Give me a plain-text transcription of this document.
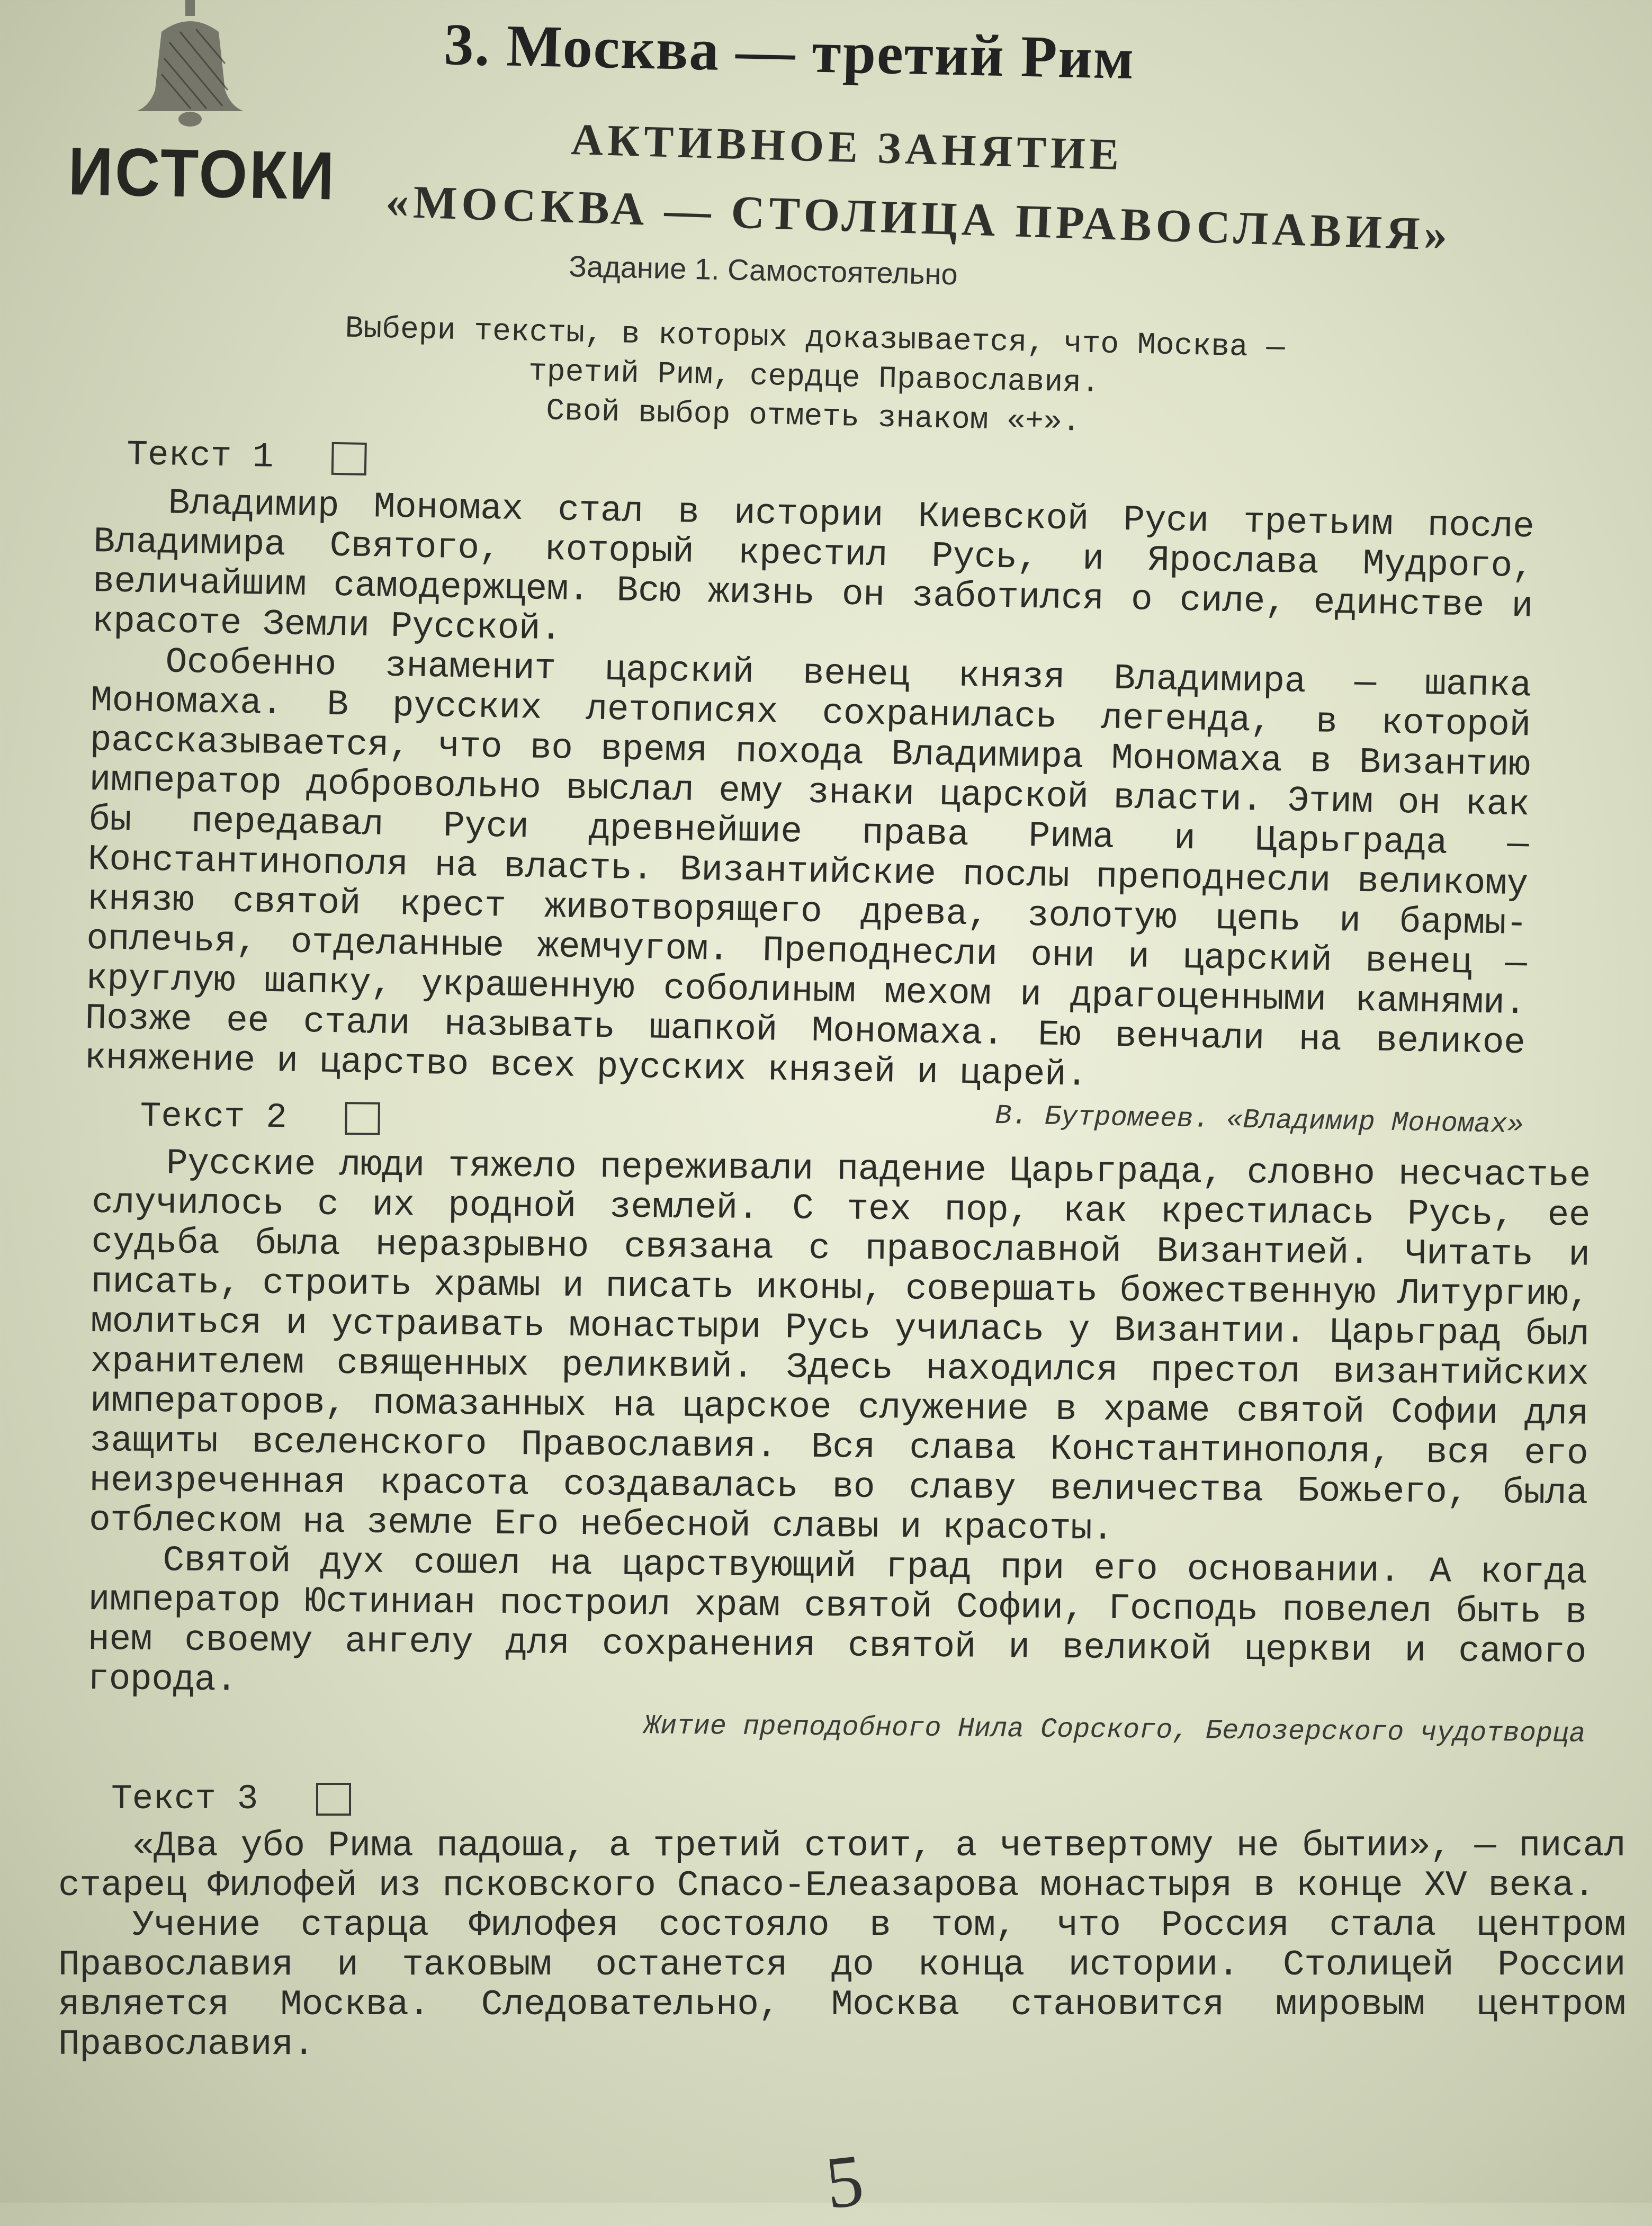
3. Москва — третий Рим
ИСТОКИ	АКТИВНОЕ ЗАНЯТИЕ
«МОСКВА — СТОЛИЦА ПРАВОСЛАВИЯ»
Задание 1. Самостоятельно
Выбери тексты, в которых доказывается, что Москва —
третий Рим, сердце Православия.
Свой выбор отметь знаком «+».
Текст 1

Владимир Мономах стал в истории Киевской Руси третьим после Владимира Святого, который крестил Русь, и Ярослава Мудрого, величайшим самодержцем. Всю жизнь он заботился о силе, единстве и красоте Земли Русской.

Особенно знаменит царский венец князя Владимира — шапка Мономаха. В русских летописях сохранилась легенда, в которой рассказывается, что во время похода Владимира Мономаха в Византию император добровольно выслал ему знаки царской власти. Этим он как бы передавал Руси древнейшие права Рима и Царьграда — Константинополя на власть. Византийские послы преподнесли великому князю святой крест животворящего древа, золотую цепь и бармы-оплечья, отделанные жемчугом. Преподнесли они и царский венец — круглую шапку, украшенную соболиным мехом и драгоценными камнями. Позже ее стали называть шапкой Мономаха. Ею венчали на великое княжение и царство всех русских князей и царей.

В. Бутромеев. «Владимир Мономах»
Текст 2

Русские люди тяжело переживали падение Царьграда, словно несчастье случилось с их родной землей. С тех пор, как крестилась Русь, ее судьба была неразрывно связана с православной Византией. Читать и писать, строить храмы и писать иконы, совершать божественную Литургию, молиться и устраивать монастыри Русь училась у Византии. Царьград был хранителем священных реликвий. Здесь находился престол византийских императоров, помазанных на царское служение в храме святой Софии для защиты вселенского Православия. Вся слава Константинополя, вся его неизреченная красота создавалась во славу величества Божьего, была отблеском на земле Его небесной славы и красоты.

Святой дух сошел на царствующий град при его основании. А когда император Юстиниан построил храм святой Софии, Господь повелел быть в нем своему ангелу для сохранения святой и великой церкви и самого города.

Житие преподобного Нила Сорского, Белозерского чудотворца
Текст 3

«Два убо Рима падоша, а третий стоит, а четвертому не бытии», — писал старец Филофей из псковского Спасо-Елеазарова монастыря в конце XV века.

Учение старца Филофея состояло в том, что Россия стала центром Православия и таковым останется до конца истории. Столицей России является Москва. Следовательно, Москва становится мировым центром Православия.

5
